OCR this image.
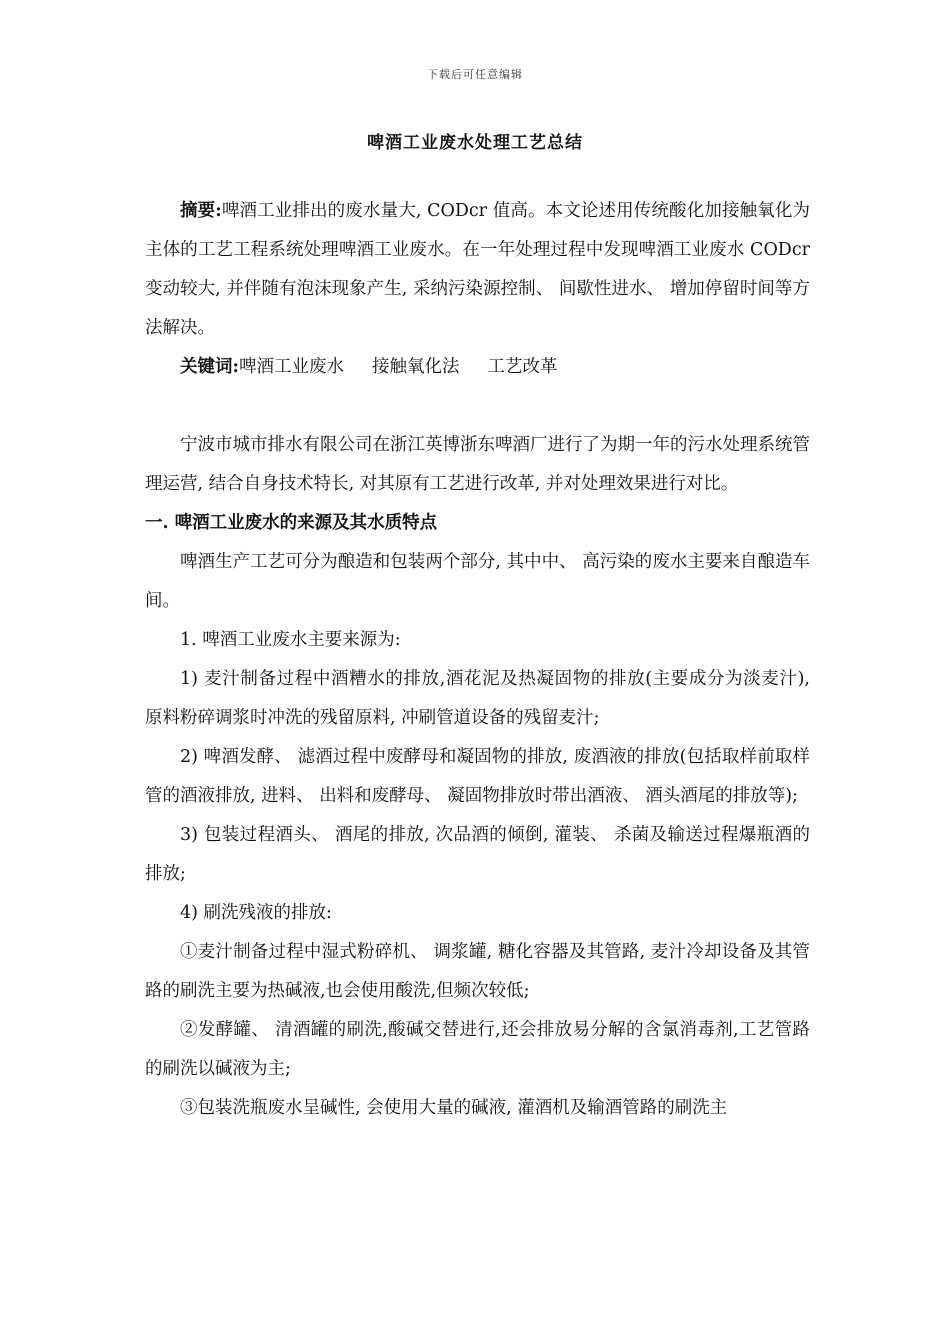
下载后可任意编辑
啤酒工业废水处理工艺总结

摘要:啤酒工业排出的废水量大, CODcr 值高。本文论述用传统酸化加接触氧化为主体的工艺工程系统处理啤酒工业废水。在一年处理过程中发现啤酒工业废水 CODcr 变动较大, 并伴随有泡沫现象产生, 采纳污染源控制、 间歇性进水、 增加停留时间等方法解决。

关键词:啤酒工业废水 接触氧化法 工艺改革

宁波市城市排水有限公司在浙江英博浙东啤酒厂进行了为期一年的污水处理系统管理运营, 结合自身技术特长, 对其原有工艺进行改革, 并对处理效果进行对比。

一. 啤酒工业废水的来源及其水质特点

啤酒生产工艺可分为酿造和包装两个部分, 其中中、 高污染的废水主要来自酿造车间。

1. 啤酒工业废水主要来源为:

1) 麦汁制备过程中酒糟水的排放,酒花泥及热凝固物的排放(主要成分为淡麦汁), 原料粉碎调浆时冲洗的残留原料, 冲刷管道设备的残留麦汁;

2) 啤酒发酵、 滤酒过程中废酵母和凝固物的排放, 废酒液的排放(包括取样前取样管的酒液排放, 进料、 出料和废酵母、 凝固物排放时带出酒液、 酒头酒尾的排放等);

3) 包装过程酒头、 酒尾的排放, 次品酒的倾倒, 灌装、 杀菌及输送过程爆瓶酒的排放;

4) 刷洗残液的排放:

①麦汁制备过程中湿式粉碎机、 调浆罐, 糖化容器及其管路, 麦汁冷却设备及其管路的刷洗主要为热碱液,也会使用酸洗,但频次较低;

②发酵罐、 清酒罐的刷洗,酸碱交替进行,还会排放易分解的含氯消毒剂,工艺管路的刷洗以碱液为主;

③包装洗瓶废水呈碱性, 会使用大量的碱液, 灌酒机及输酒管路的刷洗主
